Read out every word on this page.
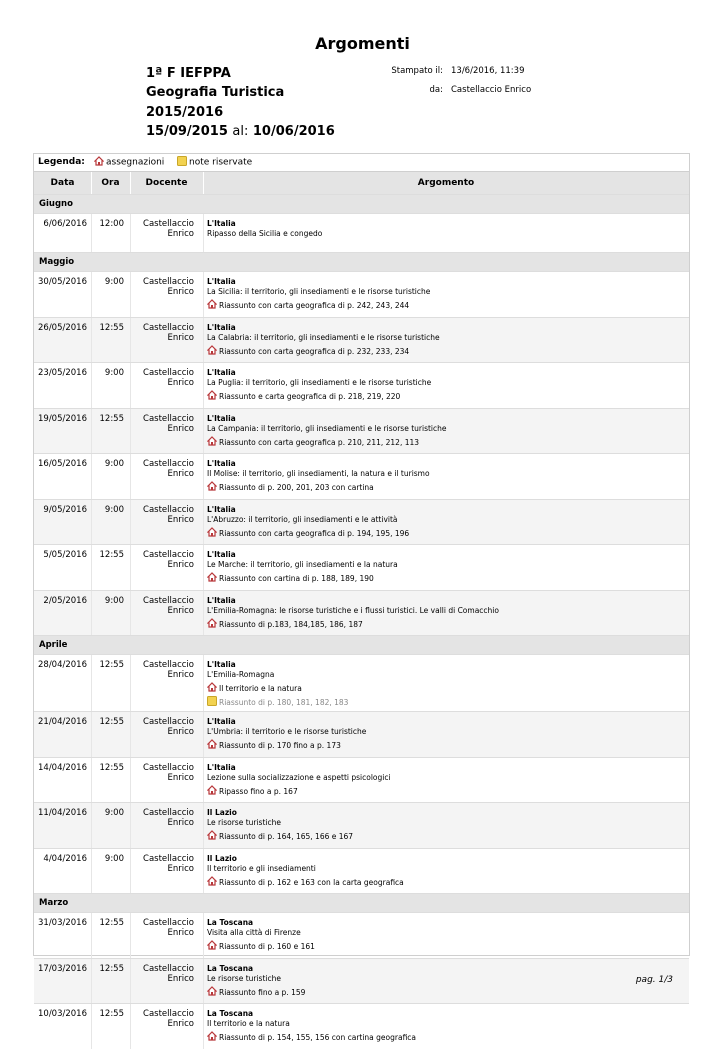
Argomenti
1ª F IEFPPA
Geografia Turistica
2015/2016
15/09/2015 al: 10/06/2016
Stampato il: 13/6/2016, 11:39
da: Castellaccio Enrico
Legenda:	assegnazioni	note riservate
Data	Ora	Docente	Argomento
Giugno
6/06/2016	12:00	Castellaccio
Enrico
L'Italia
Ripasso della Sicilia e congedo
Maggio
30/05/2016	9:00	Castellaccio
Enrico
L'Italia
La Sicilia: il territorio, gli insediamenti e le risorse turistiche
Riassunto con carta geografica di p. 242, 243, 244
26/05/2016	12:55	Castellaccio
Enrico
L'Italia
La Calabria: il territorio, gli insediamenti e le risorse turistiche
Riassunto con carta geografica di p. 232, 233, 234
23/05/2016	9:00	Castellaccio
Enrico
L'Italia
La Puglia: il territorio, gli insediamenti e le risorse turistiche
Riassunto e carta geografica di p. 218, 219, 220
19/05/2016	12:55	Castellaccio
Enrico
L'Italia
La Campania: il territorio, gli insediamenti e le risorse turistiche
Riassunto con carta geografica p. 210, 211, 212, 113
16/05/2016	9:00	Castellaccio
Enrico
L'Italia
Il Molise: il territorio, gli insediamenti, la natura e il turismo
Riassunto di p. 200, 201, 203 con cartina
9/05/2016	9:00	Castellaccio
Enrico
L'Italia
L'Abruzzo: il territorio, gli insediamenti e le attività
Riassunto con carta geografica di p. 194, 195, 196
5/05/2016	12:55	Castellaccio
Enrico
L'Italia
Le Marche: il territorio, gli insediamenti e la natura
Riassunto con cartina di p. 188, 189, 190
2/05/2016	9:00	Castellaccio
Enrico
L'Italia
L'Emilia-Romagna: le risorse turistiche e i flussi turistici. Le valli di Comacchio
Riassunto di p.183, 184,185, 186, 187
Aprile
28/04/2016	12:55	Castellaccio
Enrico
L'Italia
L'Emilia-Romagna
Il territorio e la natura
Riassunto di p. 180, 181, 182, 183
21/04/2016	12:55	Castellaccio
Enrico
L'Italia
L'Umbria: il territorio e le risorse turistiche
Riassunto di p. 170 fino a p. 173
14/04/2016	12:55	Castellaccio
Enrico
L'Italia
Lezione sulla socializzazione e aspetti psicologici
Ripasso fino a p. 167
11/04/2016	9:00	Castellaccio
Enrico
Il Lazio
Le risorse turistiche
Riassunto di p. 164, 165, 166 e 167
4/04/2016	9:00	Castellaccio
Enrico
Il Lazio
Il territorio e gli insediamenti
Riassunto di p. 162 e 163 con la carta geografica
Marzo
31/03/2016	12:55	Castellaccio
Enrico
La Toscana
Visita alla città di Firenze
Riassunto di p. 160 e 161
17/03/2016	12:55	Castellaccio
Enrico
La Toscana
Le risorse turistiche
Riassunto fino a p. 159
10/03/2016	12:55	Castellaccio
Enrico
La Toscana
Il territorio e la natura
Riassunto di p. 154, 155, 156 con cartina geografica
pag. 1/3
